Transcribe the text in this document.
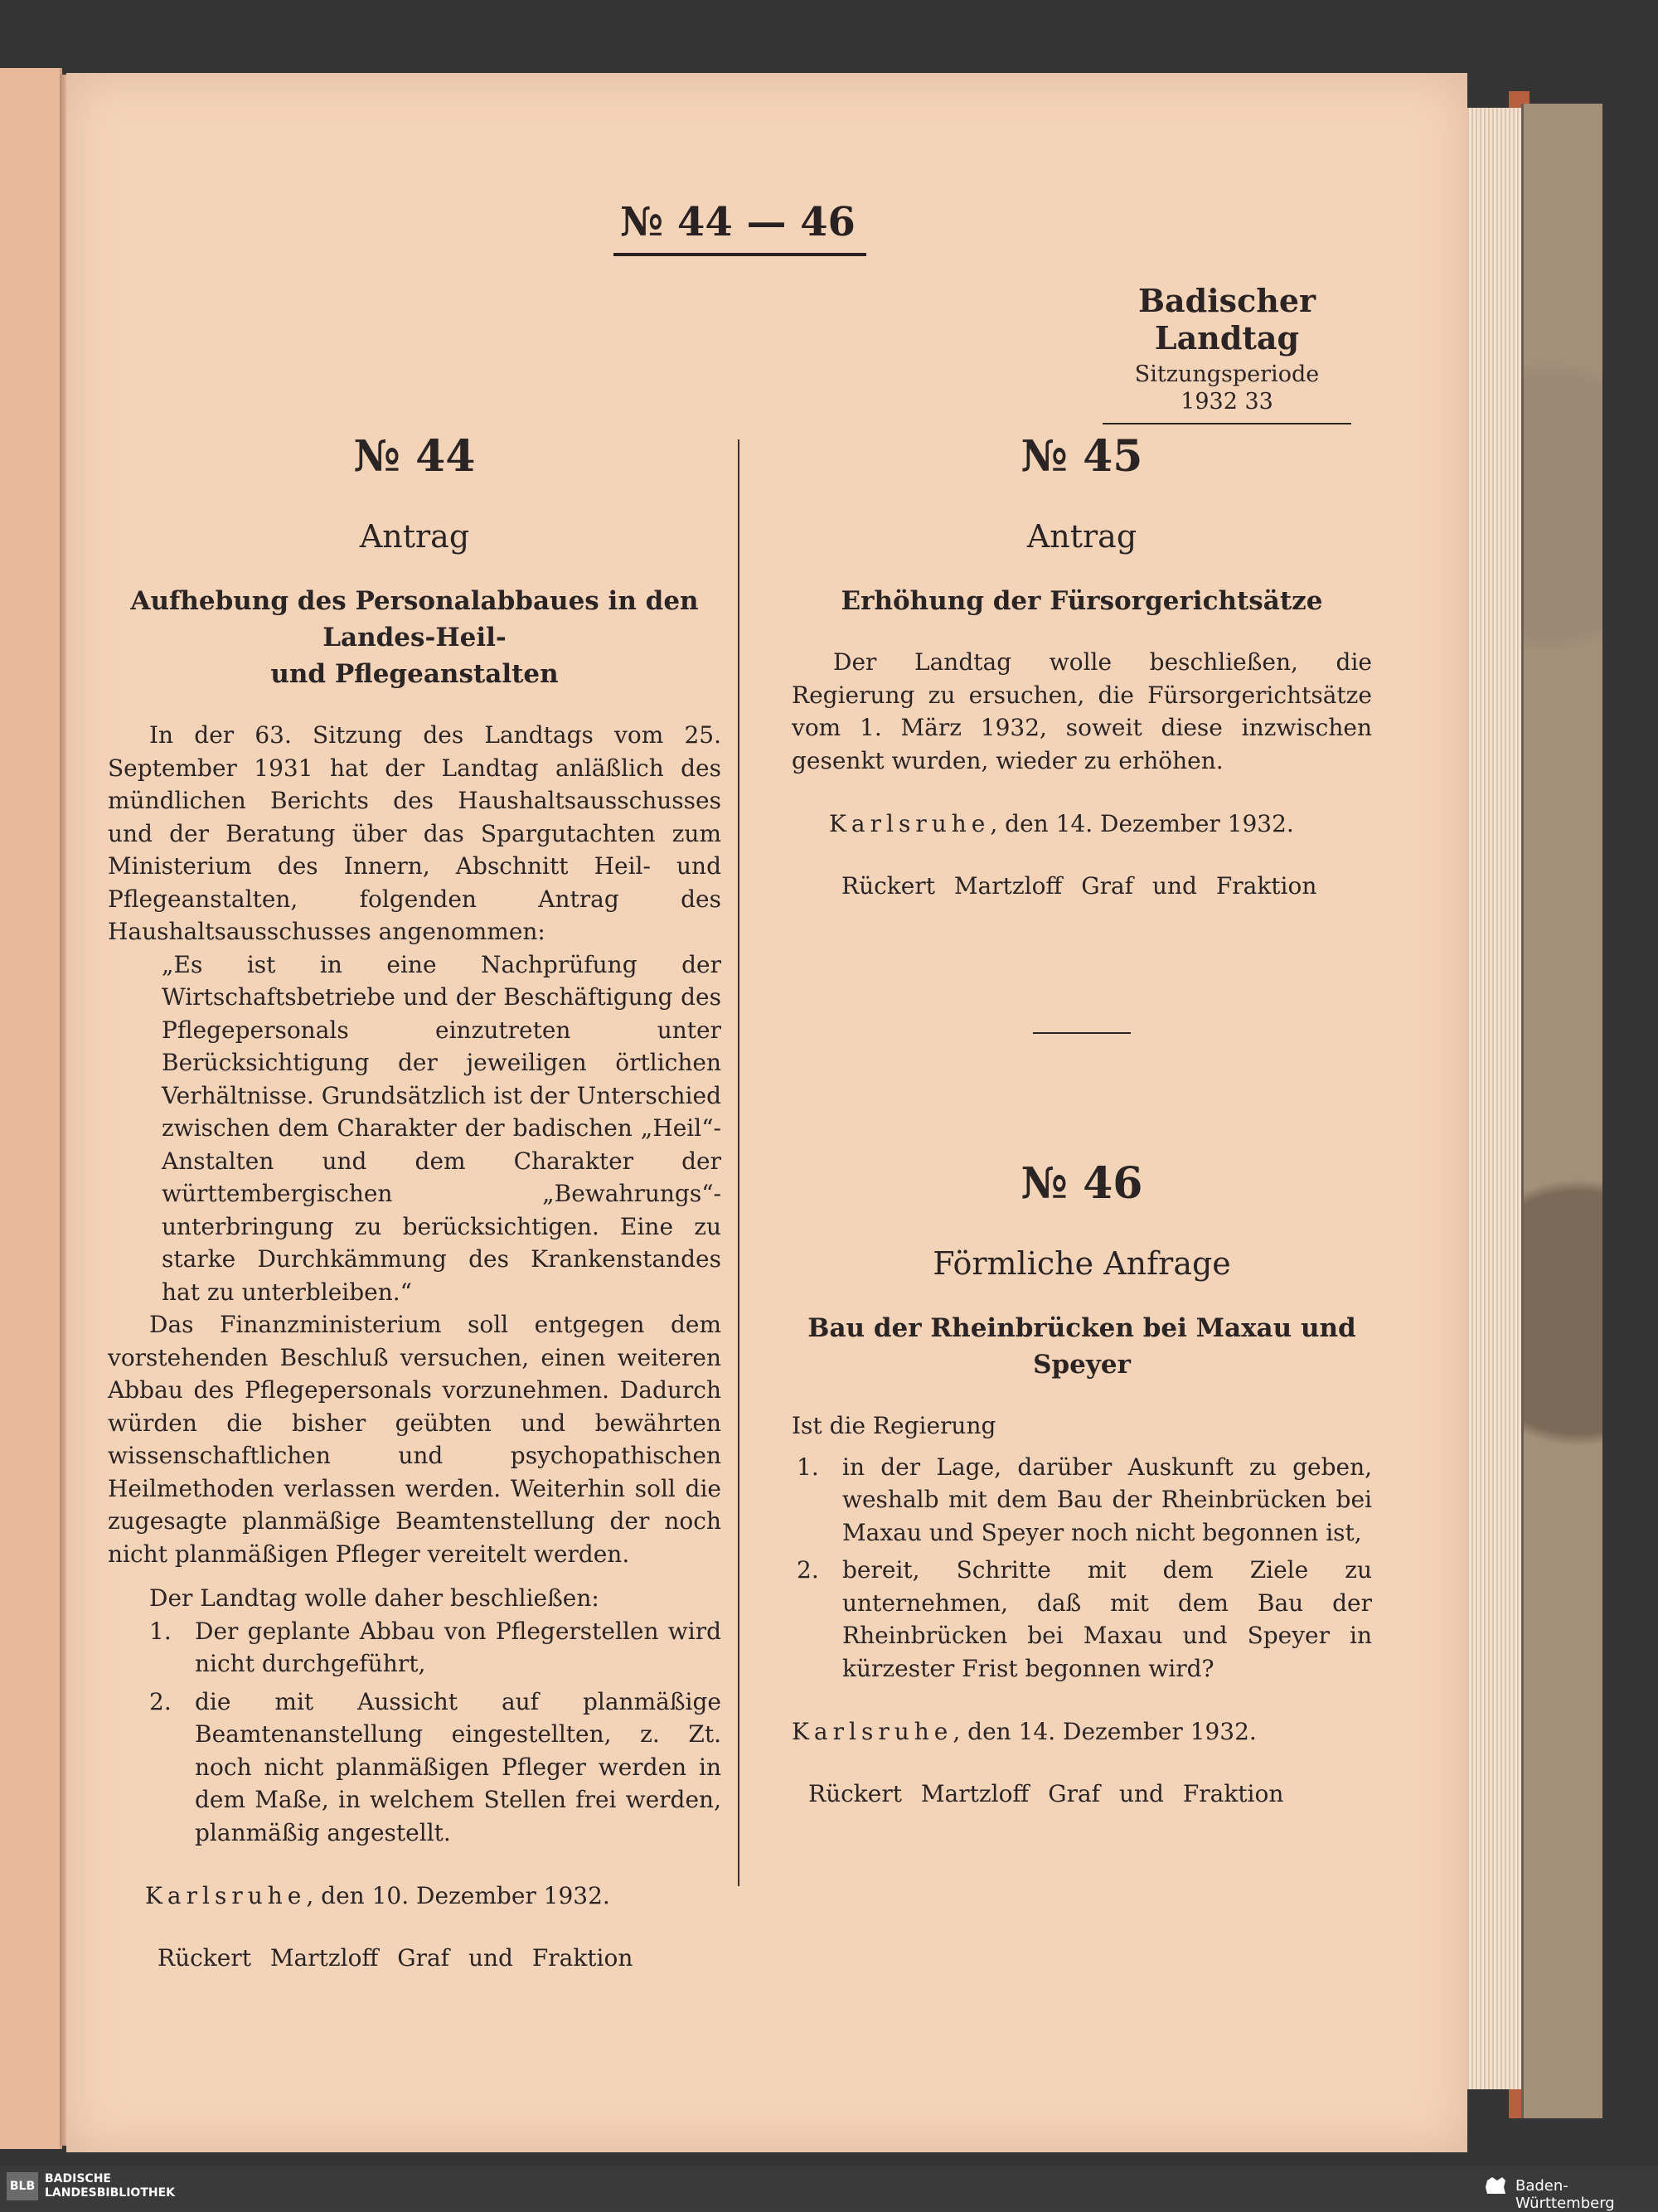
№ 44 — 46
Badischer Landtag
Sitzungsperiode
1932 33
№ 44
Antrag
Aufhebung des Personalabbaues in den Landes-Heil-
und Pflegeanstalten
In der 63. Sitzung des Landtags vom 25. September 1931 hat der Landtag anläßlich des mündlichen Berichts des Haushaltsausschusses und der Beratung über das Spargutachten zum Ministerium des Innern, Abschnitt Heil- und Pflegeanstalten, folgenden Antrag des Haushaltsausschusses angenommen:
„Es ist in eine Nachprüfung der Wirtschaftsbetriebe und der Beschäftigung des Pflegepersonals einzutreten unter Berücksichtigung der jeweiligen örtlichen Verhältnisse. Grundsätzlich ist der Unterschied zwischen dem Charakter der badischen „Heil“-Anstalten und dem Charakter der württembergischen „Bewahrungs“-unterbringung zu berücksichtigen. Eine zu starke Durchkämmung des Krankenstandes hat zu unterbleiben.“
Das Finanzministerium soll entgegen dem vorstehenden Beschluß versuchen, einen weiteren Abbau des Pflegepersonals vorzunehmen. Dadurch würden die bisher geübten und bewährten wissenschaftlichen und psychopathischen Heilmethoden verlassen werden. Weiterhin soll die zugesagte planmäßige Beamtenstellung der noch nicht planmäßigen Pfleger vereitelt werden.
Der Landtag wolle daher beschließen:
1. Der geplante Abbau von Pflegerstellen wird nicht durchgeführt,
2. die mit Aussicht auf planmäßige Beamtenanstellung eingestellten, z. Zt. noch nicht planmäßigen Pfleger werden in dem Maße, in welchem Stellen frei werden, planmäßig angestellt.
Karlsruhe, den 10. Dezember 1932.
Rückert Martzloff Graf und Fraktion
№ 45
Antrag
Erhöhung der Fürsorgerichtsätze
Der Landtag wolle beschließen, die Regierung zu ersuchen, die Fürsorgerichtsätze vom 1. März 1932, soweit diese inzwischen gesenkt wurden, wieder zu erhöhen.
Karlsruhe, den 14. Dezember 1932.
Rückert Martzloff Graf und Fraktion
№ 46
Förmliche Anfrage
Bau der Rheinbrücken bei Maxau und Speyer
Ist die Regierung
1. in der Lage, darüber Auskunft zu geben, weshalb mit dem Bau der Rheinbrücken bei Maxau und Speyer noch nicht begonnen ist,
2. bereit, Schritte mit dem Ziele zu unternehmen, daß mit dem Bau der Rheinbrücken bei Maxau und Speyer in kürzester Frist begonnen wird?
Karlsruhe, den 14. Dezember 1932.
Rückert Martzloff Graf und Fraktion
BLB
BADISCHE
LANDESBIBLIOTHEK	Baden-Württemberg
